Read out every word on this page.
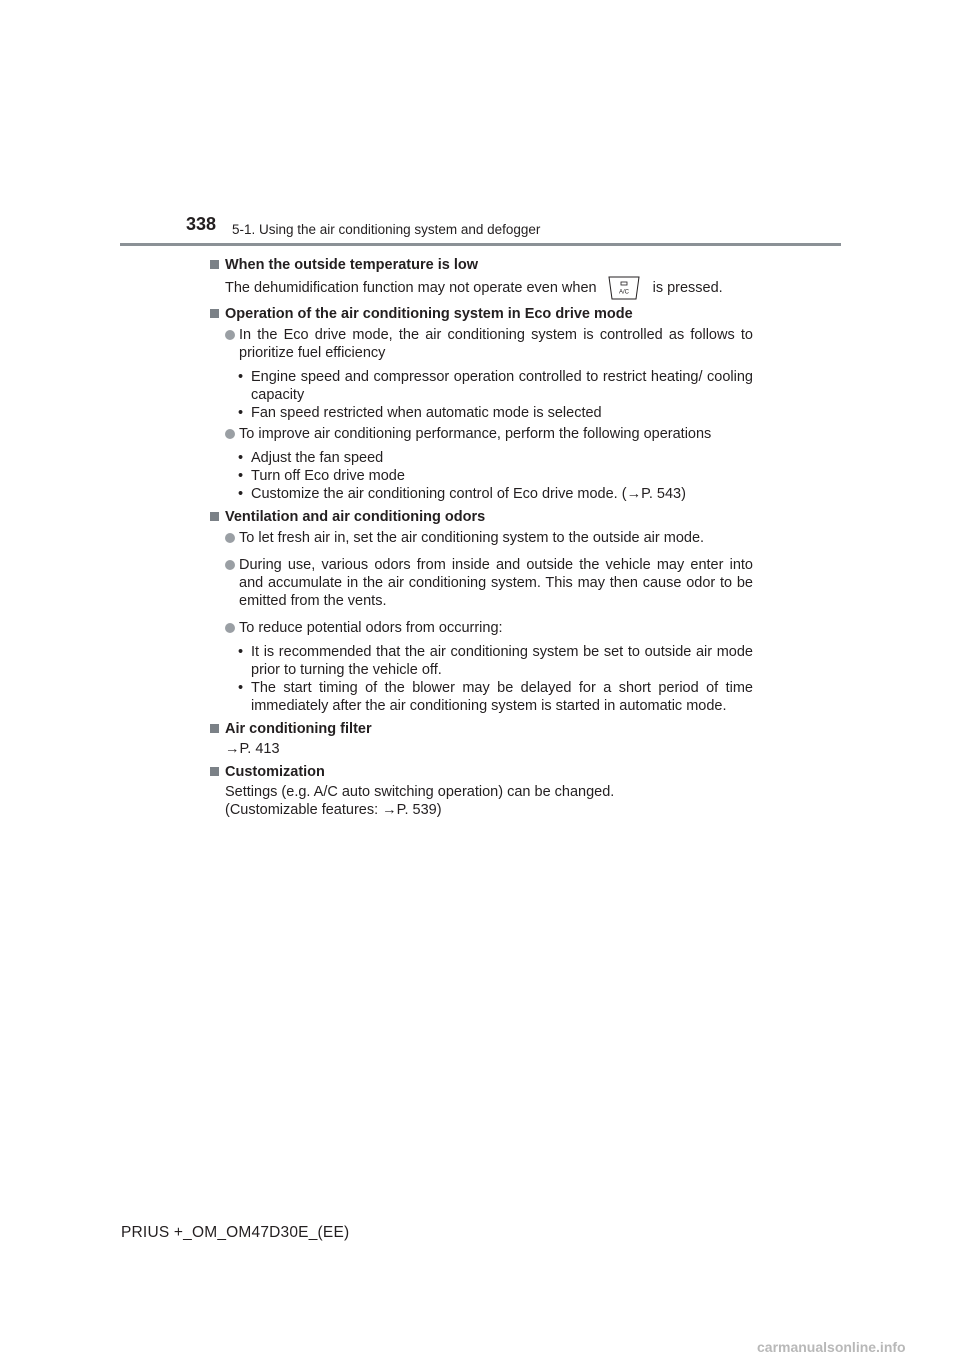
338 5-1. Using the air conditioning system and defogger
When the outside temperature is low
The dehumidification function may not operate even when	A/C is pressed.
Operation of the air conditioning system in Eco drive mode
In the Eco drive mode, the air conditioning system is controlled as follows to prioritize fuel efficiency
• Engine speed and compressor operation controlled to restrict heating/ cooling capacity
• Fan speed restricted when automatic mode is selected
To improve air conditioning performance, perform the following operations
• Adjust the fan speed
• Turn off Eco drive mode
• Customize the air conditioning control of Eco drive mode. (→P. 543)
Ventilation and air conditioning odors
To let fresh air in, set the air conditioning system to the outside air mode.
During use, various odors from inside and outside the vehicle may enter into and accumulate in the air conditioning system. This may then cause odor to be emitted from the vents.
To reduce potential odors from occurring:
• It is recommended that the air conditioning system be set to outside air mode prior to turning the vehicle off.
• The start timing of the blower may be delayed for a short period of time immediately after the air conditioning system is started in automatic mode.
Air conditioning filter
→P. 413
Customization
Settings (e.g. A/C auto switching operation) can be changed.
(Customizable features: →P. 539)
PRIUS +_OM_OM47D30E_(EE)
carmanualsonline.info
